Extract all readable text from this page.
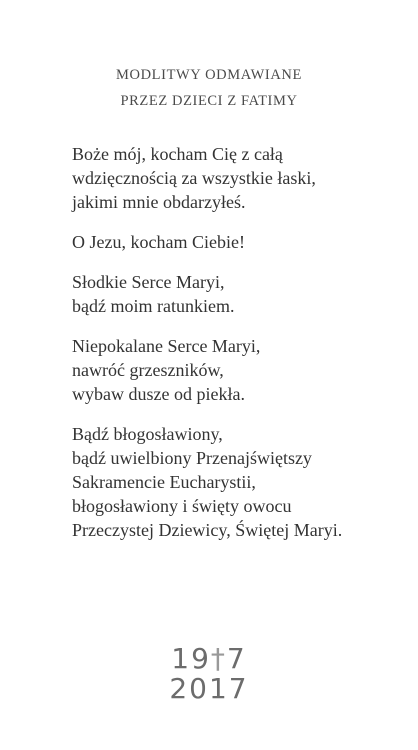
MODLITWY ODMAWIANE
PRZEZ DZIECI Z FATIMY
Boże mój, kocham Cię z całą
wdzięcznością za wszystkie łaski,
jakimi mnie obdarzyłeś.
O Jezu, kocham Ciebie!
Słodkie Serce Maryi,
bądź moim ratunkiem.
Niepokalane Serce Maryi,
nawróć grzeszników,
wybaw dusze od piekła.
Bądź błogosławiony,
bądź uwielbiony Przenajświętszy
Sakramencie Eucharystii,
błogosławiony i święty owocu
Przeczystej Dziewicy, Świętej Maryi.
19†7
2017
